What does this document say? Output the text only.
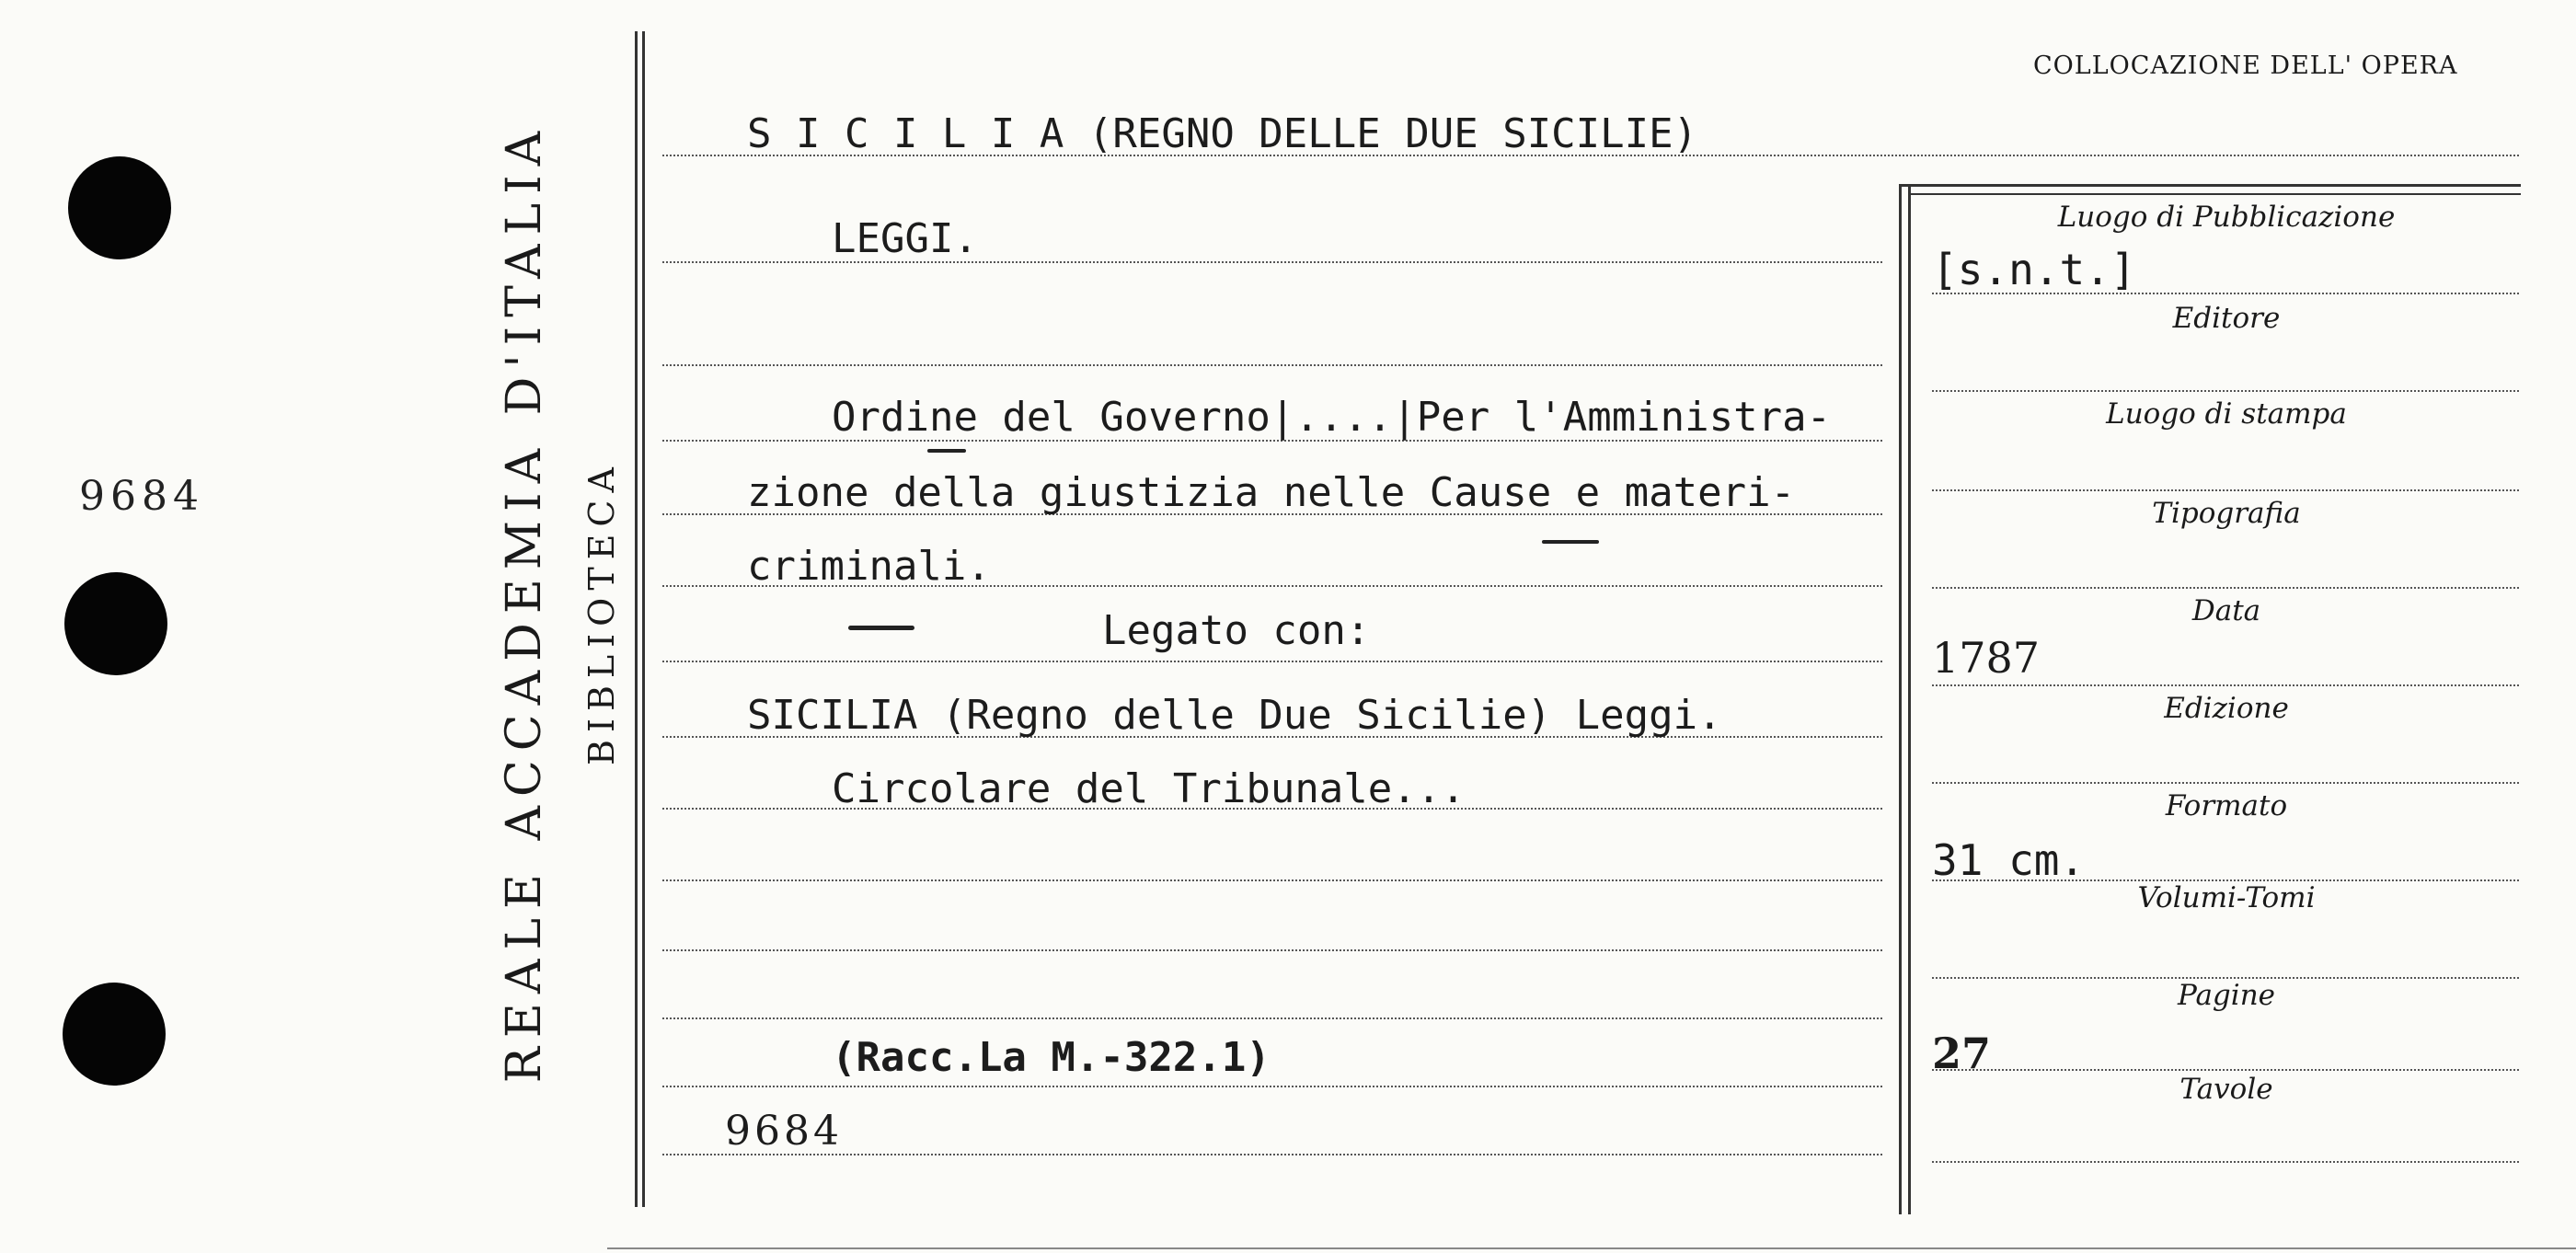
9684	REALE ACCADEMIA D'ITALIA BIBLIOTECA
COLLOCAZIONE DELL' OPERA
S I C I L I A (REGNO DELLE DUE SICILIE)
LEGGI.
Ordine del Governo|....|Per l'Amministra-
zione della giustizia nelle Cause e materi-
criminali.
Legato con:
SICILIA (Regno delle Due Sicilie) Leggi.
Circolare del Tribunale...
(Racc.La M.-322.1)
9684
Luogo di Pubblicazione
[s.n.t.]
Editore
Luogo di stampa
Tipografia
Data
1787
Edizione
Formato
31 cm.
Volumi-Tomi
Pagine
27
Tavole
